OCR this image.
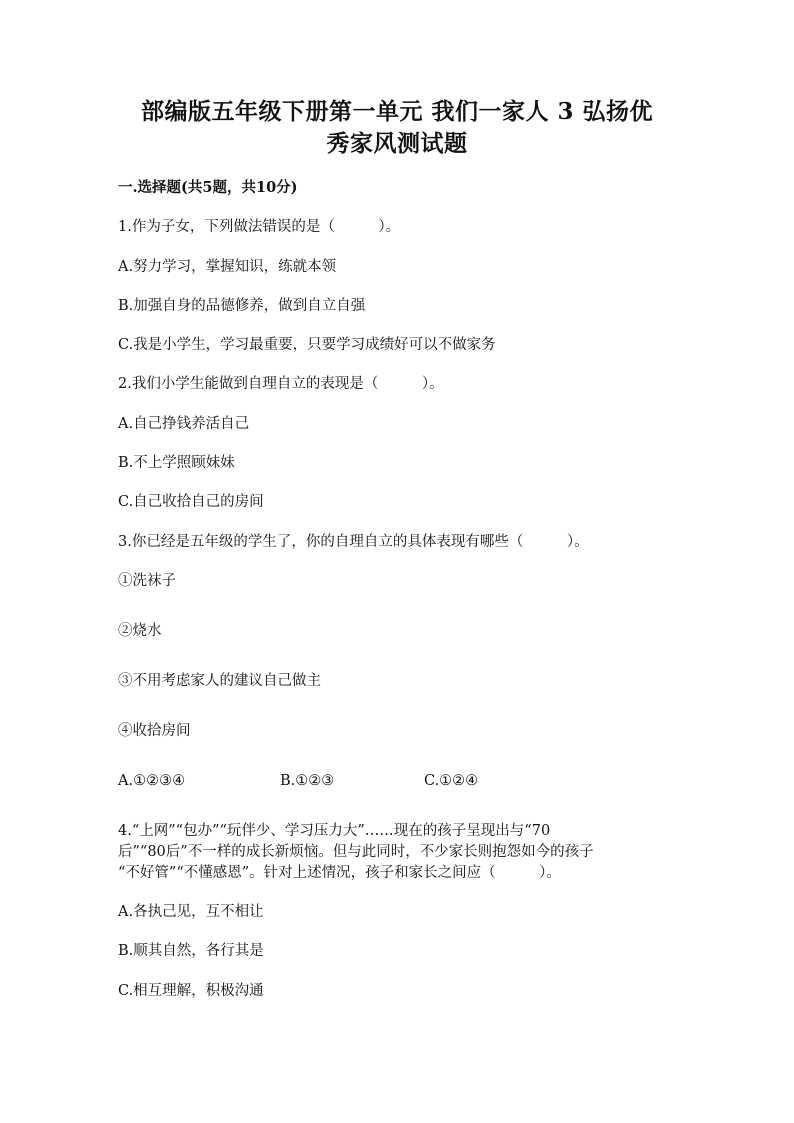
部编版五年级下册第一单元 我们一家人 3 弘扬优
秀家风测试题
一.选择题(共5题，共10分)
1.作为子女，下列做法错误的是（　　　）。
A.努力学习，掌握知识，练就本领
B.加强自身的品德修养，做到自立自强
C.我是小学生，学习最重要，只要学习成绩好可以不做家务
2.我们小学生能做到自理自立的表现是（　　　）。
A.自己挣钱养活自己
B.不上学照顾妹妹
C.自己收拾自己的房间
3.你已经是五年级的学生了，你的自理自立的具体表现有哪些（　　　）。
①洗袜子
②烧水
③不用考虑家人的建议自己做主
④收拾房间
A.①②③④	B.①②③	C.①②④
4.“上网”“包办”“玩伴少、学习压力大”……现在的孩子呈现出与“70
后”“80后”不一样的成长新烦恼。但与此同时，不少家长则抱怨如今的孩子
“不好管”“不懂感恩”。针对上述情况，孩子和家长之间应（　　　）。
A.各执己见，互不相让
B.顺其自然，各行其是
C.相互理解，积极沟通
